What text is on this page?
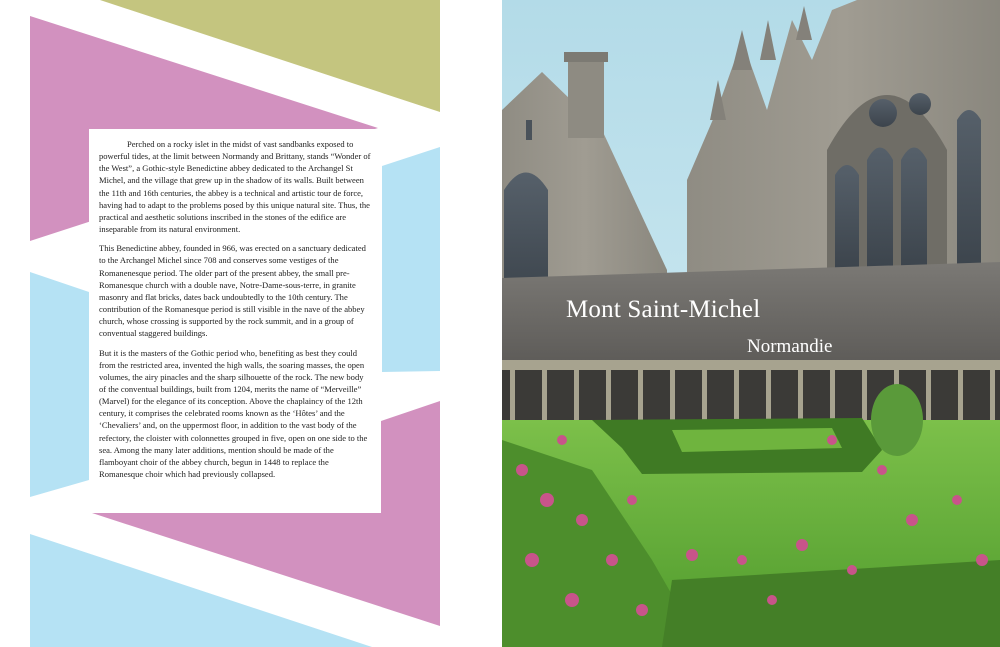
Perched on a rocky islet in the midst of vast sandbanks exposed to powerful tides, at the limit between Normandy and Brittany, stands “Wonder of the West”, a Gothic-style Benedictine abbey dedicated to the Archangel St Michel, and the village that grew up in the shadow of its walls. Built between the 11th and 16th centuries, the abbey is a technical and artistic tour de force, having had to adapt to the problems posed by this unique natural site. Thus, the practical and aesthetic solutions inscribed in the stones of the edifice are inseparable from its natural environment.

This Benedictine abbey, founded in 966, was erected on a sanctuary dedicated to the Archangel Michel since 708 and conserves some vestiges of the Romanenesque period. The older part of the present abbey, the small pre-Romanesque church with a double nave, Notre-Dame-sous-terre, in granite masonry and flat bricks, dates back undoubtedly to the 10th century. The contribution of the Romanesque period is still visible in the nave of the abbey church, whose crossing is supported by the rock summit, and in a group of conventual staggered buildings.

But it is the masters of the Gothic period who, benefiting as best they could from the restricted area, invented the high walls, the soaring masses, the open volumes, the airy pinacles and the sharp silhouette of the rock. The new body of the conventual buildings, built from 1204, merits the name of “Merveille” (Marvel) for the elegance of its conception. Above the chaplaincy of the 12th century, it comprises the celebrated rooms known as the ‘Hôtes’ and the ‘Chevaliers’ and, on the uppermost floor, in addition to the vast body of the refectory, the cloister with colonnettes grouped in five, open on one side to the sea. Among the many later additions, mention should be made of the flamboyant choir of the abbey church, begun in 1448 to replace the Romanesque choir which had previously collapsed.

Mont Saint-Michel
Normandie
